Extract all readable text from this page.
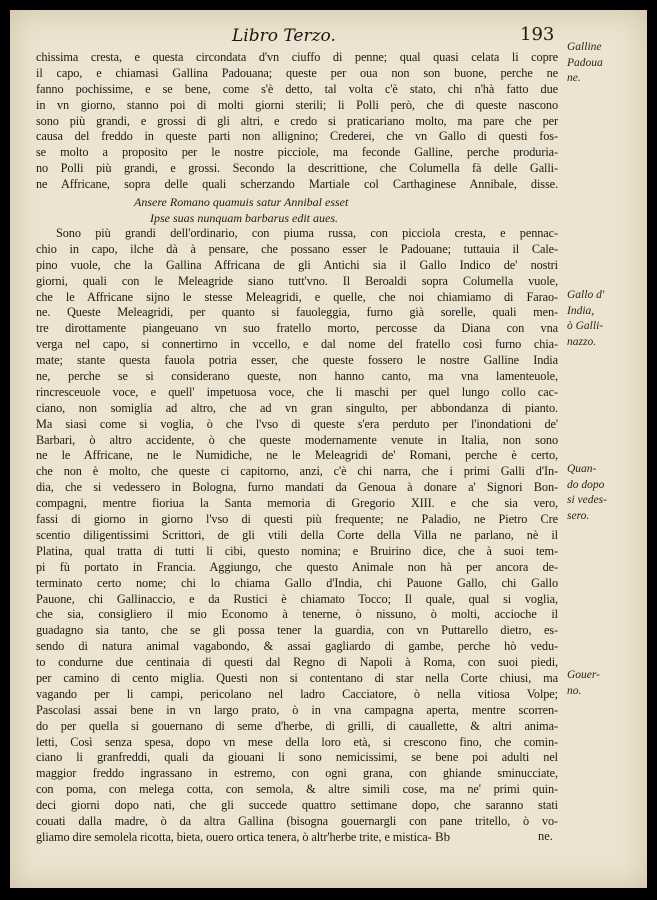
Libro Terzo.	193
chissima cresta, e questa circondata d'vn ciuffo di penne; qual quasi celata li copre
il capo, e chiamasi Gallina Padouana; queste per oua non son buone, perche ne
fanno pochissime, e se bene, come s'è detto, tal volta c'è stato, chi n'hà fatto due
in vn giorno, stanno poi di molti giorni sterili; li Polli però, che di queste nascono
sono più grandi, e grossi di gli altri, e credo si praticariano molto, ma pare che per
causa del freddo in queste parti non allignino; Crederei, che vn Gallo di questi fos-
se molto a proposito per le nostre picciole, ma feconde Galline, perche produria-
no Polli più grandi, e grossi. Secondo la descrittione, che Columella fà delle Galli-
ne Affricane, sopra delle quali scherzando Martiale col Carthaginese Annibale, disse.
Ansere Romano quamuis satur Annibal esset
Ipse suas nunquam barbarus edit aues.
Sono più grandi dell'ordinario, con piuma russa, con picciola cresta, e pennac-
chio in capo, ilche dà à pensare, che possano esser le Padouane; tuttauia il Cale-
pino vuole, che la Gallina Affricana de gli Antichi sia il Gallo Indico de' nostri
giorni, quali con le Meleagride siano tutt'vno. Il Beroaldi sopra Columella vuole,
che le Affricane sijno le stesse Meleagridi, e quelle, che noi chiamiamo di Farao-
ne. Queste Meleagridi, per quanto si fauoleggia, furno già sorelle, quali men-
tre dirottamente piangeuano vn suo fratello morto, percosse da Diana con vna
verga nel capo, si connertirno in vccello, e dal nome del fratello così furno chia-
mate; stante questa fauola potria esser, che queste fossero le nostre Galline India
ne, perche se si considerano queste, non hanno canto, ma vna lamenteuole,
rincresceuole voce, e quell' impetuosa voce, che li maschi per quel lungo collo cac-
ciano, non somiglia ad altro, che ad vn gran singulto, per abbondanza di pianto.
Ma siasi come si voglia, ò che l'vso di queste s'era perduto per l'inondationi de'
Barbari, ò altro accidente, ò che queste modernamente venute in Italia, non sono
ne le Affricane, ne le Numidiche, ne le Meleagridi de' Romani, perche è certo,
che non è molto, che queste ci capitorno, anzi, c'è chi narra, che i primi Galli d'In-
dia, che si vedessero in Bologna, furno mandati da Genoua à donare a' Signori Bon-
compagni, mentre fioriua la Santa memoria di Gregorio XIII. e che sia vero,
fassi di giorno in giorno l'vso di questi più frequente; ne Paladio, ne Pietro Cre
scentio diligentissimi Scrittori, de gli vtili della Corte della Villa ne parlano, nè il
Platina, qual tratta di tutti li cibi, questo nomina; e Bruirino dice, che à suoi tem-
pi fù portato in Francia. Aggiungo, che questo Animale non hà per ancora de-
terminato certo nome; chi lo chiama Gallo d'India, chi Pauone Gallo, chi Gallo
Pauone, chi Gallinaccio, e da Rustici è chiamato Tocco; Il quale, qual si voglia,
che sia, consigliero il mio Economo à tenerne, ò nissuno, ò molti, accioche il
guadagno sia tanto, che se gli possa tener la guardia, con vn Puttarello dietro, es-
sendo di natura animal vagabondo, & assai gagliardo di gambe, perche hò vedu-
to condurne due centinaia di questi dal Regno di Napoli à Roma, con suoi piedi,
per camino di cento miglia. Questi non si contentano di star nella Corte chiusi, ma
vagando per li campi, pericolano nel ladro Cacciatore, ò nella vitiosa Volpe;
Pascolasi assai bene in vn largo prato, ò in vna campagna aperta, mentre scorren-
do per quella si gouernano di seme d'herbe, di grilli, di cauallette, & altri anima-
letti, Così senza spesa, dopo vn mese della loro età, si crescono fino, che comin-
ciano li granfreddi, quali da giouani li sono nemicissimi, se bene poi adulti nel
maggior freddo ingrassano in estremo, con ogni grana, con ghiande sminucciate,
con poma, con melega cotta, con semola, & altre simili cose, ma ne' primi quin-
deci giorni dopo nati, che gli succede quattro settimane dopo, che saranno stati
couati dalla madre, ò da altra Gallina (bisogna gouernargli con pane tritello, ò vo-
gliamo dire semolela ricotta, bieta, ouero ortica tenera, ò altr'herbe trite, e mistica-
Galline
Padoua
ne.
Gallo d'
India,
ò Galli-
nazzo.
Quan-
do dopo
si vedes-
sero.
Gouer-
no.
Bb	ne.
